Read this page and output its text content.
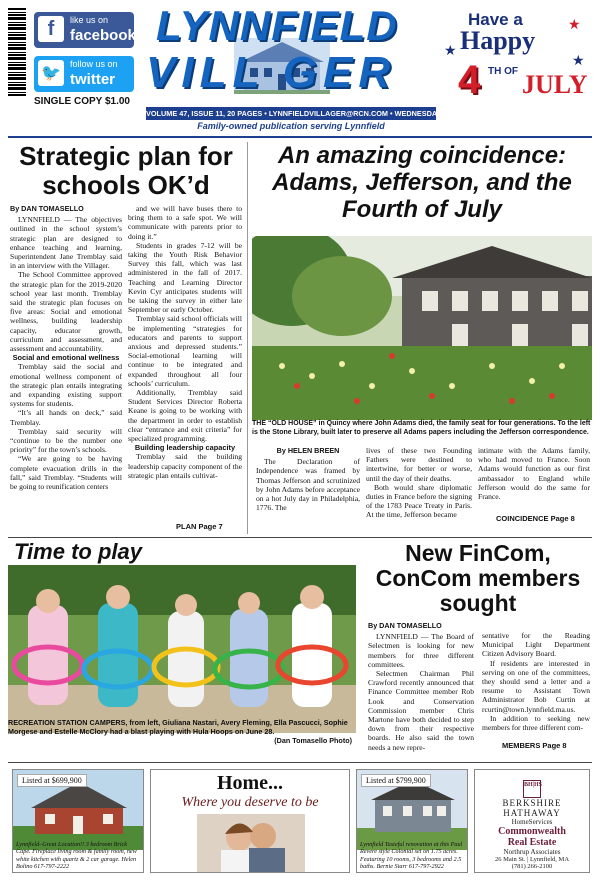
f	like us on
facebook
🐦
follow us on
twitter
SINGLE COPY $1.00
LYNNFIELD
VILL GER	★
★
★
Have a
Happy
4 TH OF JULY
VOLUME 47, ISSUE 11, 20 PAGES • LYNNFIELDVILLAGER@RCN.COM • WEDNESDAY, JULY 3, 2019
Family-owned publication serving Lynnfield
Strategic plan for schools OK’d

By DAN TOMASELLO

LYNNFIELD — The objectives outlined in the school system’s strategic plan are designed to enhance teaching and learning, Superintendent Jane Tremblay said in an interview with the Villager.

The School Committee approved the strategic plan for the 2019-2020 school year last month. Tremblay said the strategic plan focuses on five areas: Social and emotional wellness, building leadership capacity, educator growth, curriculum and assessment, and assessment and accountability.

Social and emotional wellness

Tremblay said the social and emotional wellness component of the strategic plan entails integrating and expanding existing support systems for students.

“It’s all hands on deck,” said Tremblay.

Tremblay said security will “continue to be the number one priority” for the town’s schools.

“We are going to be having complete evacuation drills in the fall,” said Tremblay. “Students will be going to reunification centers

and we will have buses there to bring them to a safe spot. We will communicate with parents prior to doing it.”

Students in grades 7-12 will be taking the Youth Risk Behavior Survey this fall, which was last administered in the fall of 2017. Teaching and Learning Director Kevin Cyr anticipates students will be taking the survey in either late September or early October.

Tremblay said school officials will be implementing “strategies for educators and parents to support anxious and depressed students.” Social-emotional learning will continue to be integrated and expanded throughout all four schools’ curriculum.

Additionally, Tremblay said Student Services Director Roberta Keane is going to be working with the department in order to establish clear “entrance and exit criteria” for specialized programming.

Building leadership capacity

Tremblay said the building leadership capacity component of the strategic plan entails cultivat-

PLAN Page 7
An amazing coincidence: Adams, Jefferson, and the Fourth of July
THE “OLD HOUSE” in Quincy where John Adams died, the family seat for four generations. To the left is the Stone Library, built later to preserve all Adams papers including the Jefferson correspondence.

By HELEN BREEN

The Declaration of Independence was framed by Thomas Jefferson and scrutinized by John Adams before acceptance on a hot July day in Philadelphia, 1776. The

lives of these two Founding Fathers were destined to intertwine, for better or worse, until the day of their deaths.

Both would share diplomatic duties in France before the signing of the 1783 Peace Treaty in Paris. At the time, Jefferson became

intimate with the Adams family, who had moved to France. Soon Adams would function as our first ambassador to England while Jefferson would do the same for France.

COINCIDENCE Page 8
Time to play
RECREATION STATION CAMPERS, from left, Giuliana Nastari, Avery Fleming, Ella Pascucci, Sophie Morgese and Estelle McClory had a blast playing with Hula Hoops on June 28.
(Dan Tomasello Photo)
New FinCom, ConCom members sought

By DAN TOMASELLO

LYNNFIELD — The Board of Selectmen is looking for new members for three different committees.

Selectmen Chairman Phil Crawford recently announced that Finance Committee member Rob Look and Conservation Commission member Chris Martone have both decided to step down from their respective boards. He also said the town needs a new repre-

sentative for the Reading Municipal Light Department Citizen Advisory Board.

If residents are interested in serving on one of the committees, they should send a letter and a resume to Assistant Town Administrator Bob Curtin at rcurtin@town.lynnfield.ma.us.

In addition to seeking new members for three different com-

MEMBERS Page 8
Listed at $699,900
Lynnfield–Great Location!! 3 bedroom Brick Cape. Fireplace living room & family room, new white kitchen with quartz & 2 car garage. Helen Bolino 617-797-2222
Home...
Where you deserve to be
Listed at $799,900
Lynnfield Tasteful renovation at this Paul Revere style Colonial set on 1.75 acres. Featuring 10 rooms, 3 bedrooms and 2.5 baths. Bernie Starr 617-797-2922
BH|HS
BERKSHIRE
HATHAWAY
HomeServices
Commonwealth
Real Estate
Northrup Associates
26 Main St. | Lynnfield, MA
(781) 266-2100
